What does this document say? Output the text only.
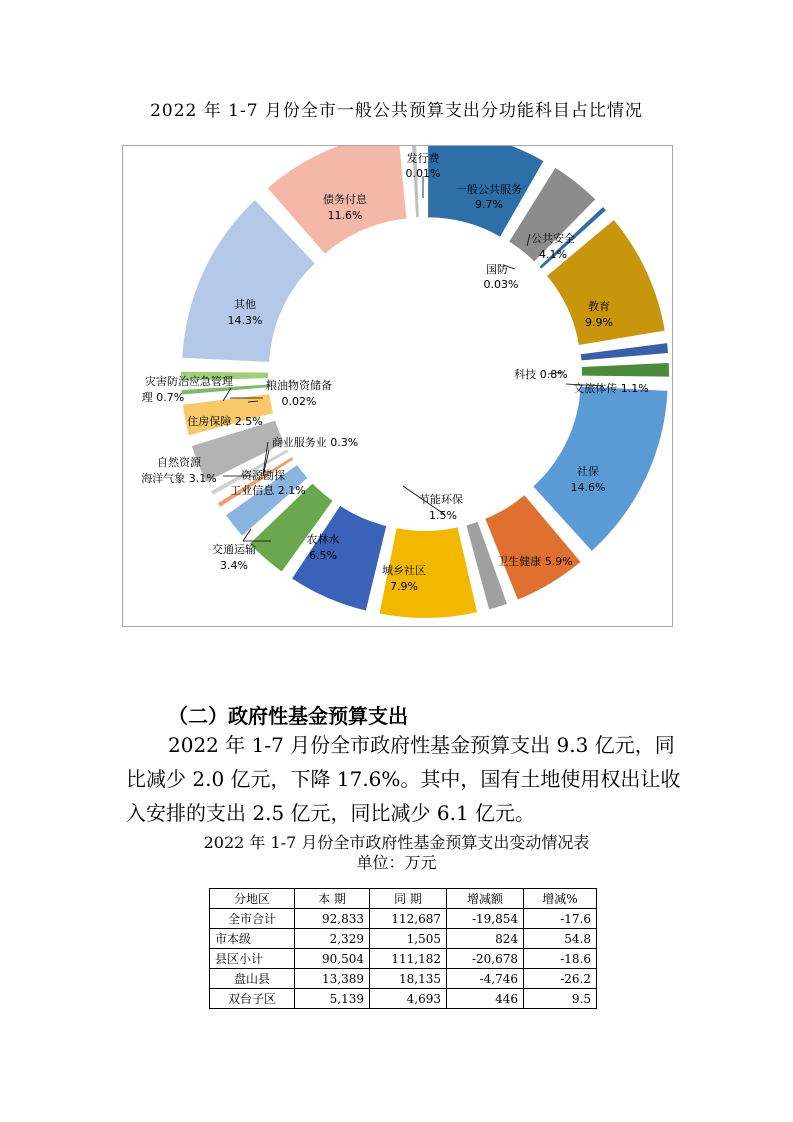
2022 年 1-7 月份全市一般公共预算支出分功能科目占比情况
发行费
0.01%
一般公共服务
9.7%
公共安全
4.1%
国防
0.03%
教育
9.9%
科技 0.8%
文旅体传 1.1%
社保
14.6%
卫生健康 5.9%
节能环保
1.5%
城乡社区
7.9%
农林水
6.5%
交通运输
3.4%
工业信息 2.1%
资源勘探
商业服务业 0.3%
自然资源
海洋气象 3.1%
住房保障 2.5%
粮油物资储备
0.02%
灾害防治应急管理
理 0.7%
其他
14.3%
债务付息
11.6%
（二）政府性基金预算支出
2022 年 1-7 月份全市政府性基金预算支出 9.3 亿元，同比减少 2.0 亿元，下降 17.6%。其中，国有土地使用权出让收入安排的支出 2.5 亿元，同比减少 6.1 亿元。
2022 年 1-7 月份全市政府性基金预算支出变动情况表
单位：万元
分地区	本 期	同 期	增减额	增减%
全市合计	92,833	112,687	-19,854	-17.6
市本级	2,329	1,505	824	54.8
县区小计	90,504	111,182	-20,678	-18.6
盘山县	13,389	18,135	-4,746	-26.2
双台子区	5,139	4,693	446	9.5
